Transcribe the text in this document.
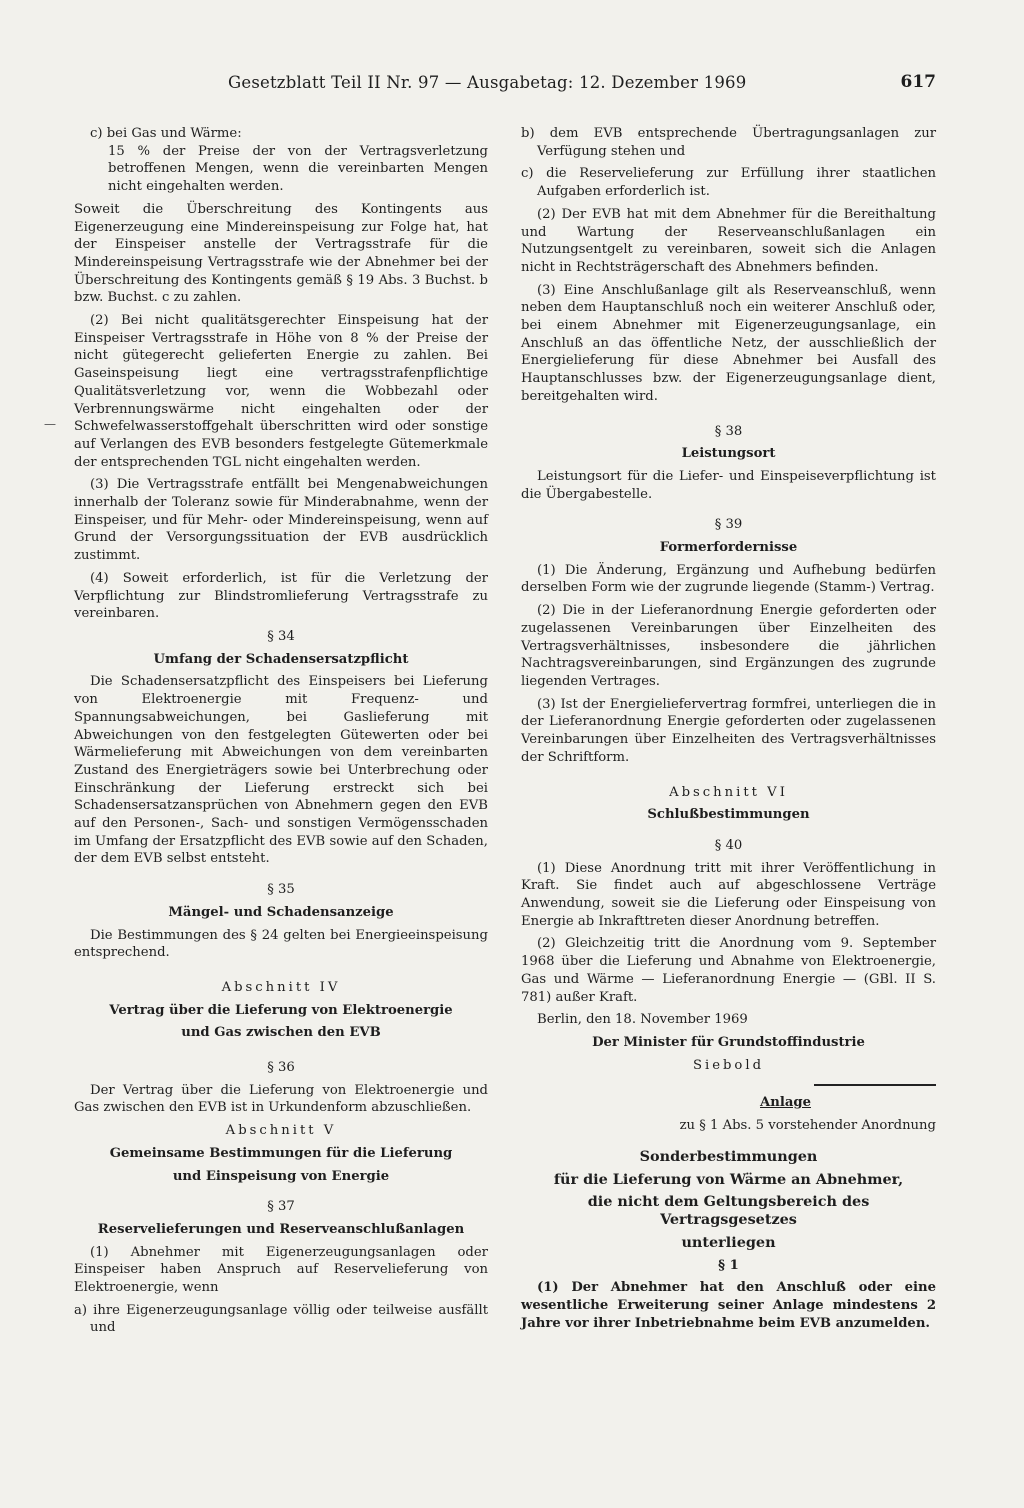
Gesetzblatt Teil II Nr. 97 — Ausgabetag: 12. Dezember 1969	617
—

c) bei Gas und Wärme:

15 % der Preise der von der Vertragsverletzung betroffenen Mengen, wenn die vereinbarten Mengen nicht eingehalten werden.

Soweit die Überschreitung des Kontingents aus Eigenerzeugung eine Mindereinspeisung zur Folge hat, hat der Einspeiser anstelle der Vertragsstrafe für die Mindereinspeisung Vertragsstrafe wie der Abnehmer bei der Überschreitung des Kontingents gemäß § 19 Abs. 3 Buchst. b bzw. Buchst. c zu zahlen.

(2) Bei nicht qualitätsgerechter Einspeisung hat der Einspeiser Vertragsstrafe in Höhe von 8 % der Preise der nicht gütegerecht gelieferten Energie zu zahlen. Bei Gaseinspeisung liegt eine vertragsstrafenpflichtige Qualitätsverletzung vor, wenn die Wobbezahl oder Verbrennungswärme nicht eingehalten oder der Schwefelwasserstoffgehalt überschritten wird oder sonstige auf Verlangen des EVB besonders festgelegte Gütemerkmale der entsprechenden TGL nicht eingehalten werden.

(3) Die Vertragsstrafe entfällt bei Mengenabweichungen innerhalb der Toleranz sowie für Minderabnahme, wenn der Einspeiser, und für Mehr- oder Mindereinspeisung, wenn auf Grund der Versorgungssituation der EVB ausdrücklich zustimmt.

(4) Soweit erforderlich, ist für die Verletzung der Verpflichtung zur Blindstromlieferung Vertragsstrafe zu vereinbaren.

§ 34

Umfang der Schadensersatzpflicht

Die Schadensersatzpflicht des Einspeisers bei Lieferung von Elektroenergie mit Frequenz- und Spannungsabweichungen, bei Gaslieferung mit Abweichungen von den festgelegten Gütewerten oder bei Wärmelieferung mit Abweichungen von dem vereinbarten Zustand des Energieträgers sowie bei Unterbrechung oder Einschränkung der Lieferung erstreckt sich bei Schadensersatzansprüchen von Abnehmern gegen den EVB auf den Personen-, Sach- und sonstigen Vermögensschaden im Umfang der Ersatzpflicht des EVB sowie auf den Schaden, der dem EVB selbst entsteht.

§ 35

Mängel- und Schadensanzeige

Die Bestimmungen des § 24 gelten bei Energieeinspeisung entsprechend.

Abschnitt IV

Vertrag über die Lieferung von Elektroenergie

und Gas zwischen den EVB

§ 36

Der Vertrag über die Lieferung von Elektroenergie und Gas zwischen den EVB ist in Urkundenform abzuschließen.

Abschnitt V

Gemeinsame Bestimmungen für die Lieferung

und Einspeisung von Energie

§ 37

Reservelieferungen und Reserveanschlußanlagen

(1) Abnehmer mit Eigenerzeugungsanlagen oder Einspeiser haben Anspruch auf Reservelieferung von Elektroenergie, wenn

a) ihre Eigenerzeugungsanlage völlig oder teilweise ausfällt und

b) dem EVB entsprechende Übertragungsanlagen zur Verfügung stehen und

c) die Reservelieferung zur Erfüllung ihrer staatlichen Aufgaben erforderlich ist.

(2) Der EVB hat mit dem Abnehmer für die Bereithaltung und Wartung der Reserveanschlußanlagen ein Nutzungsentgelt zu vereinbaren, soweit sich die Anlagen nicht in Rechtsträgerschaft des Abnehmers befinden.

(3) Eine Anschlußanlage gilt als Reserveanschluß, wenn neben dem Hauptanschluß noch ein weiterer Anschluß oder, bei einem Abnehmer mit Eigenerzeugungsanlage, ein Anschluß an das öffentliche Netz, der ausschließlich der Energielieferung für diese Abnehmer bei Ausfall des Hauptanschlusses bzw. der Eigenerzeugungsanlage dient, bereitgehalten wird.

§ 38

Leistungsort

Leistungsort für die Liefer- und Einspeiseverpflichtung ist die Übergabestelle.

§ 39

Formerfordernisse

(1) Die Änderung, Ergänzung und Aufhebung bedürfen derselben Form wie der zugrunde liegende (Stamm-) Vertrag.

(2) Die in der Lieferanordnung Energie geforderten oder zugelassenen Vereinbarungen über Einzelheiten des Vertragsverhältnisses, insbesondere die jährlichen Nachtragsvereinbarungen, sind Ergänzungen des zugrunde liegenden Vertrages.

(3) Ist der Energieliefervertrag formfrei, unterliegen die in der Lieferanordnung Energie geforderten oder zugelassenen Vereinbarungen über Einzelheiten des Vertragsverhältnisses der Schriftform.

Abschnitt VI

Schlußbestimmungen

§ 40

(1) Diese Anordnung tritt mit ihrer Veröffentlichung in Kraft. Sie findet auch auf abgeschlossene Verträge Anwendung, soweit sie die Lieferung oder Einspeisung von Energie ab Inkrafttreten dieser Anordnung betreffen.

(2) Gleichzeitig tritt die Anordnung vom 9. September 1968 über die Lieferung und Abnahme von Elektroenergie, Gas und Wärme — Lieferanordnung Energie — (GBl. II S. 781) außer Kraft.

Berlin, den 18. November 1969

Der Minister für Grundstoffindustrie

Siebold

Anlage

zu § 1 Abs. 5 vorstehender Anordnung

Sonderbestimmungen

für die Lieferung von Wärme an Abnehmer,

die nicht dem Geltungsbereich des Vertragsgesetzes

unterliegen

§ 1

(1) Der Abnehmer hat den Anschluß oder eine wesentliche Erweiterung seiner Anlage mindestens 2 Jahre vor ihrer Inbetriebnahme beim EVB anzumelden.
